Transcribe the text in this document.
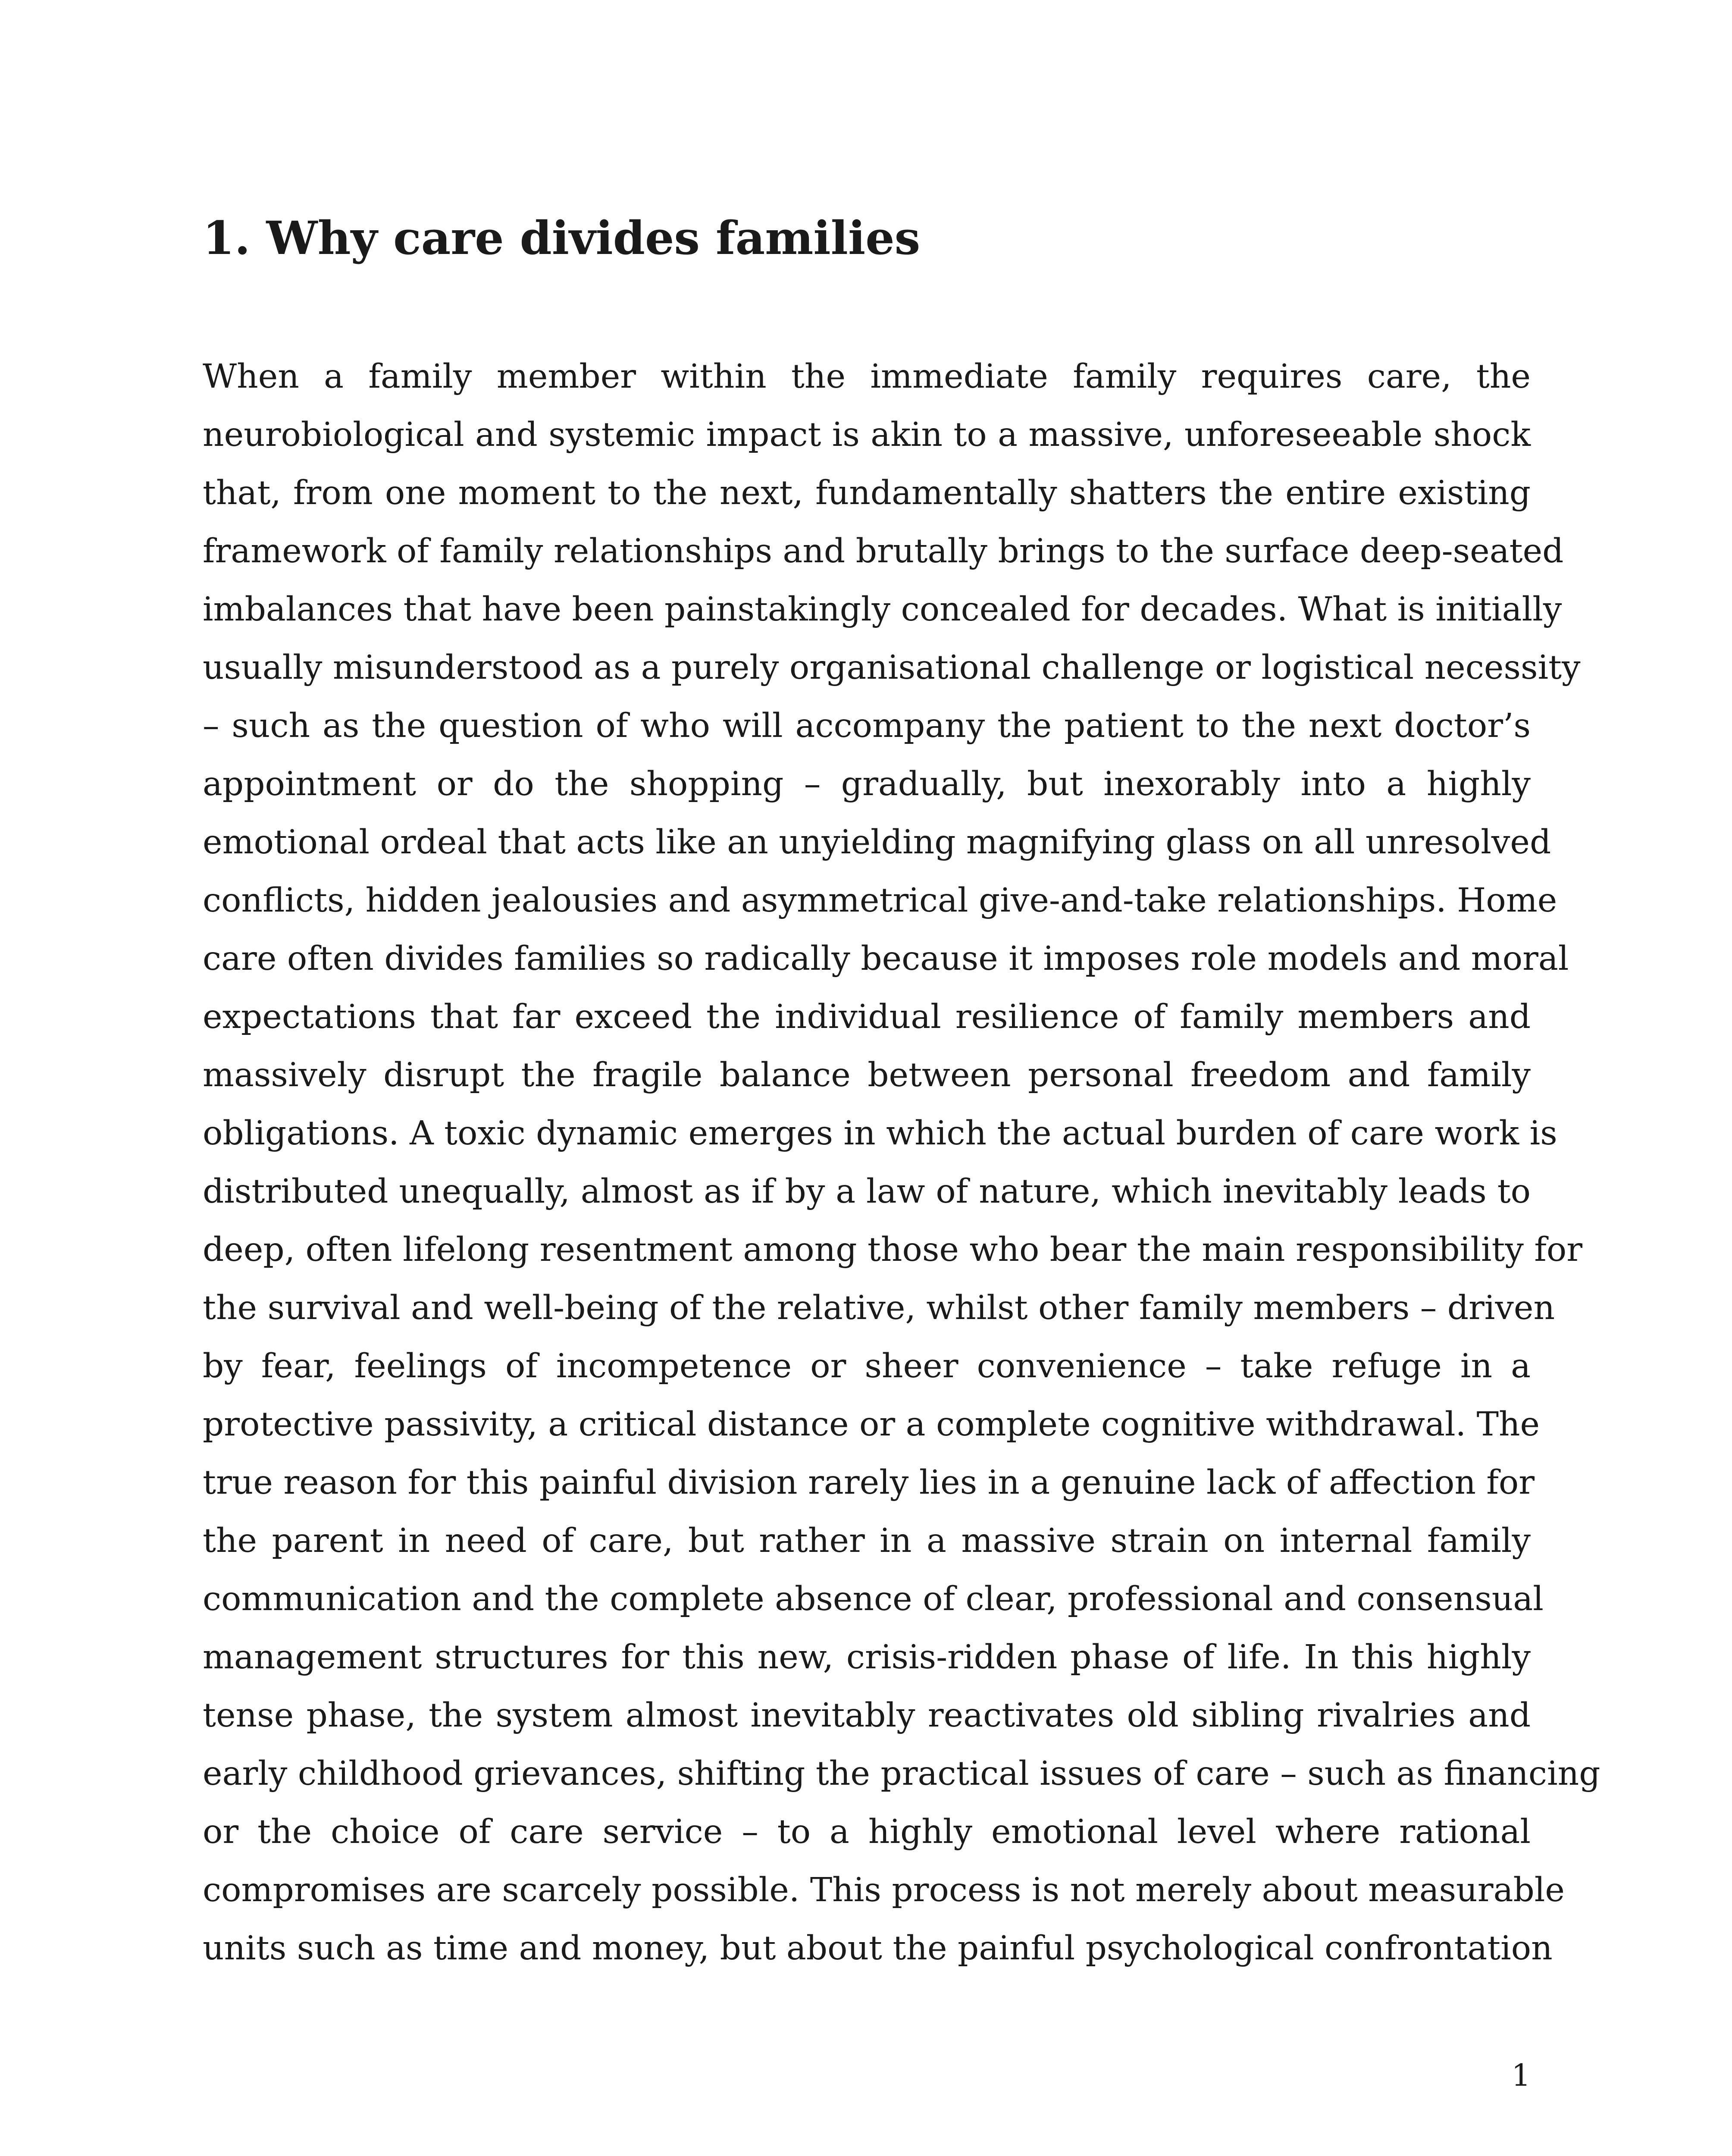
1. Why care divides families
When a family member within the immediate family requires care, the
neurobiological and systemic impact is akin to a massive, unforeseeable shock
that, from one moment to the next, fundamentally shatters the entire existing
framework of family relationships and brutally brings to the surface deep-seated
imbalances that have been painstakingly concealed for decades. What is initially
usually misunderstood as a purely organisational challenge or logistical necessity
– such as the question of who will accompany the patient to the next doctor’s
appointment or do the shopping – gradually, but inexorably into a highly
emotional ordeal that acts like an unyielding magnifying glass on all unresolved
conflicts, hidden jealousies and asymmetrical give-and-take relationships. Home
care often divides families so radically because it imposes role models and moral
expectations that far exceed the individual resilience of family members and
massively disrupt the fragile balance between personal freedom and family
obligations. A toxic dynamic emerges in which the actual burden of care work is
distributed unequally, almost as if by a law of nature, which inevitably leads to
deep, often lifelong resentment among those who bear the main responsibility for
the survival and well-being of the relative, whilst other family members – driven
by fear, feelings of incompetence or sheer convenience – take refuge in a
protective passivity, a critical distance or a complete cognitive withdrawal. The
true reason for this painful division rarely lies in a genuine lack of affection for
the parent in need of care, but rather in a massive strain on internal family
communication and the complete absence of clear, professional and consensual
management structures for this new, crisis-ridden phase of life. In this highly
tense phase, the system almost inevitably reactivates old sibling rivalries and
early childhood grievances, shifting the practical issues of care – such as financing
or the choice of care service – to a highly emotional level where rational
compromises are scarcely possible. This process is not merely about measurable
units such as time and money, but about the painful psychological confrontation
1
